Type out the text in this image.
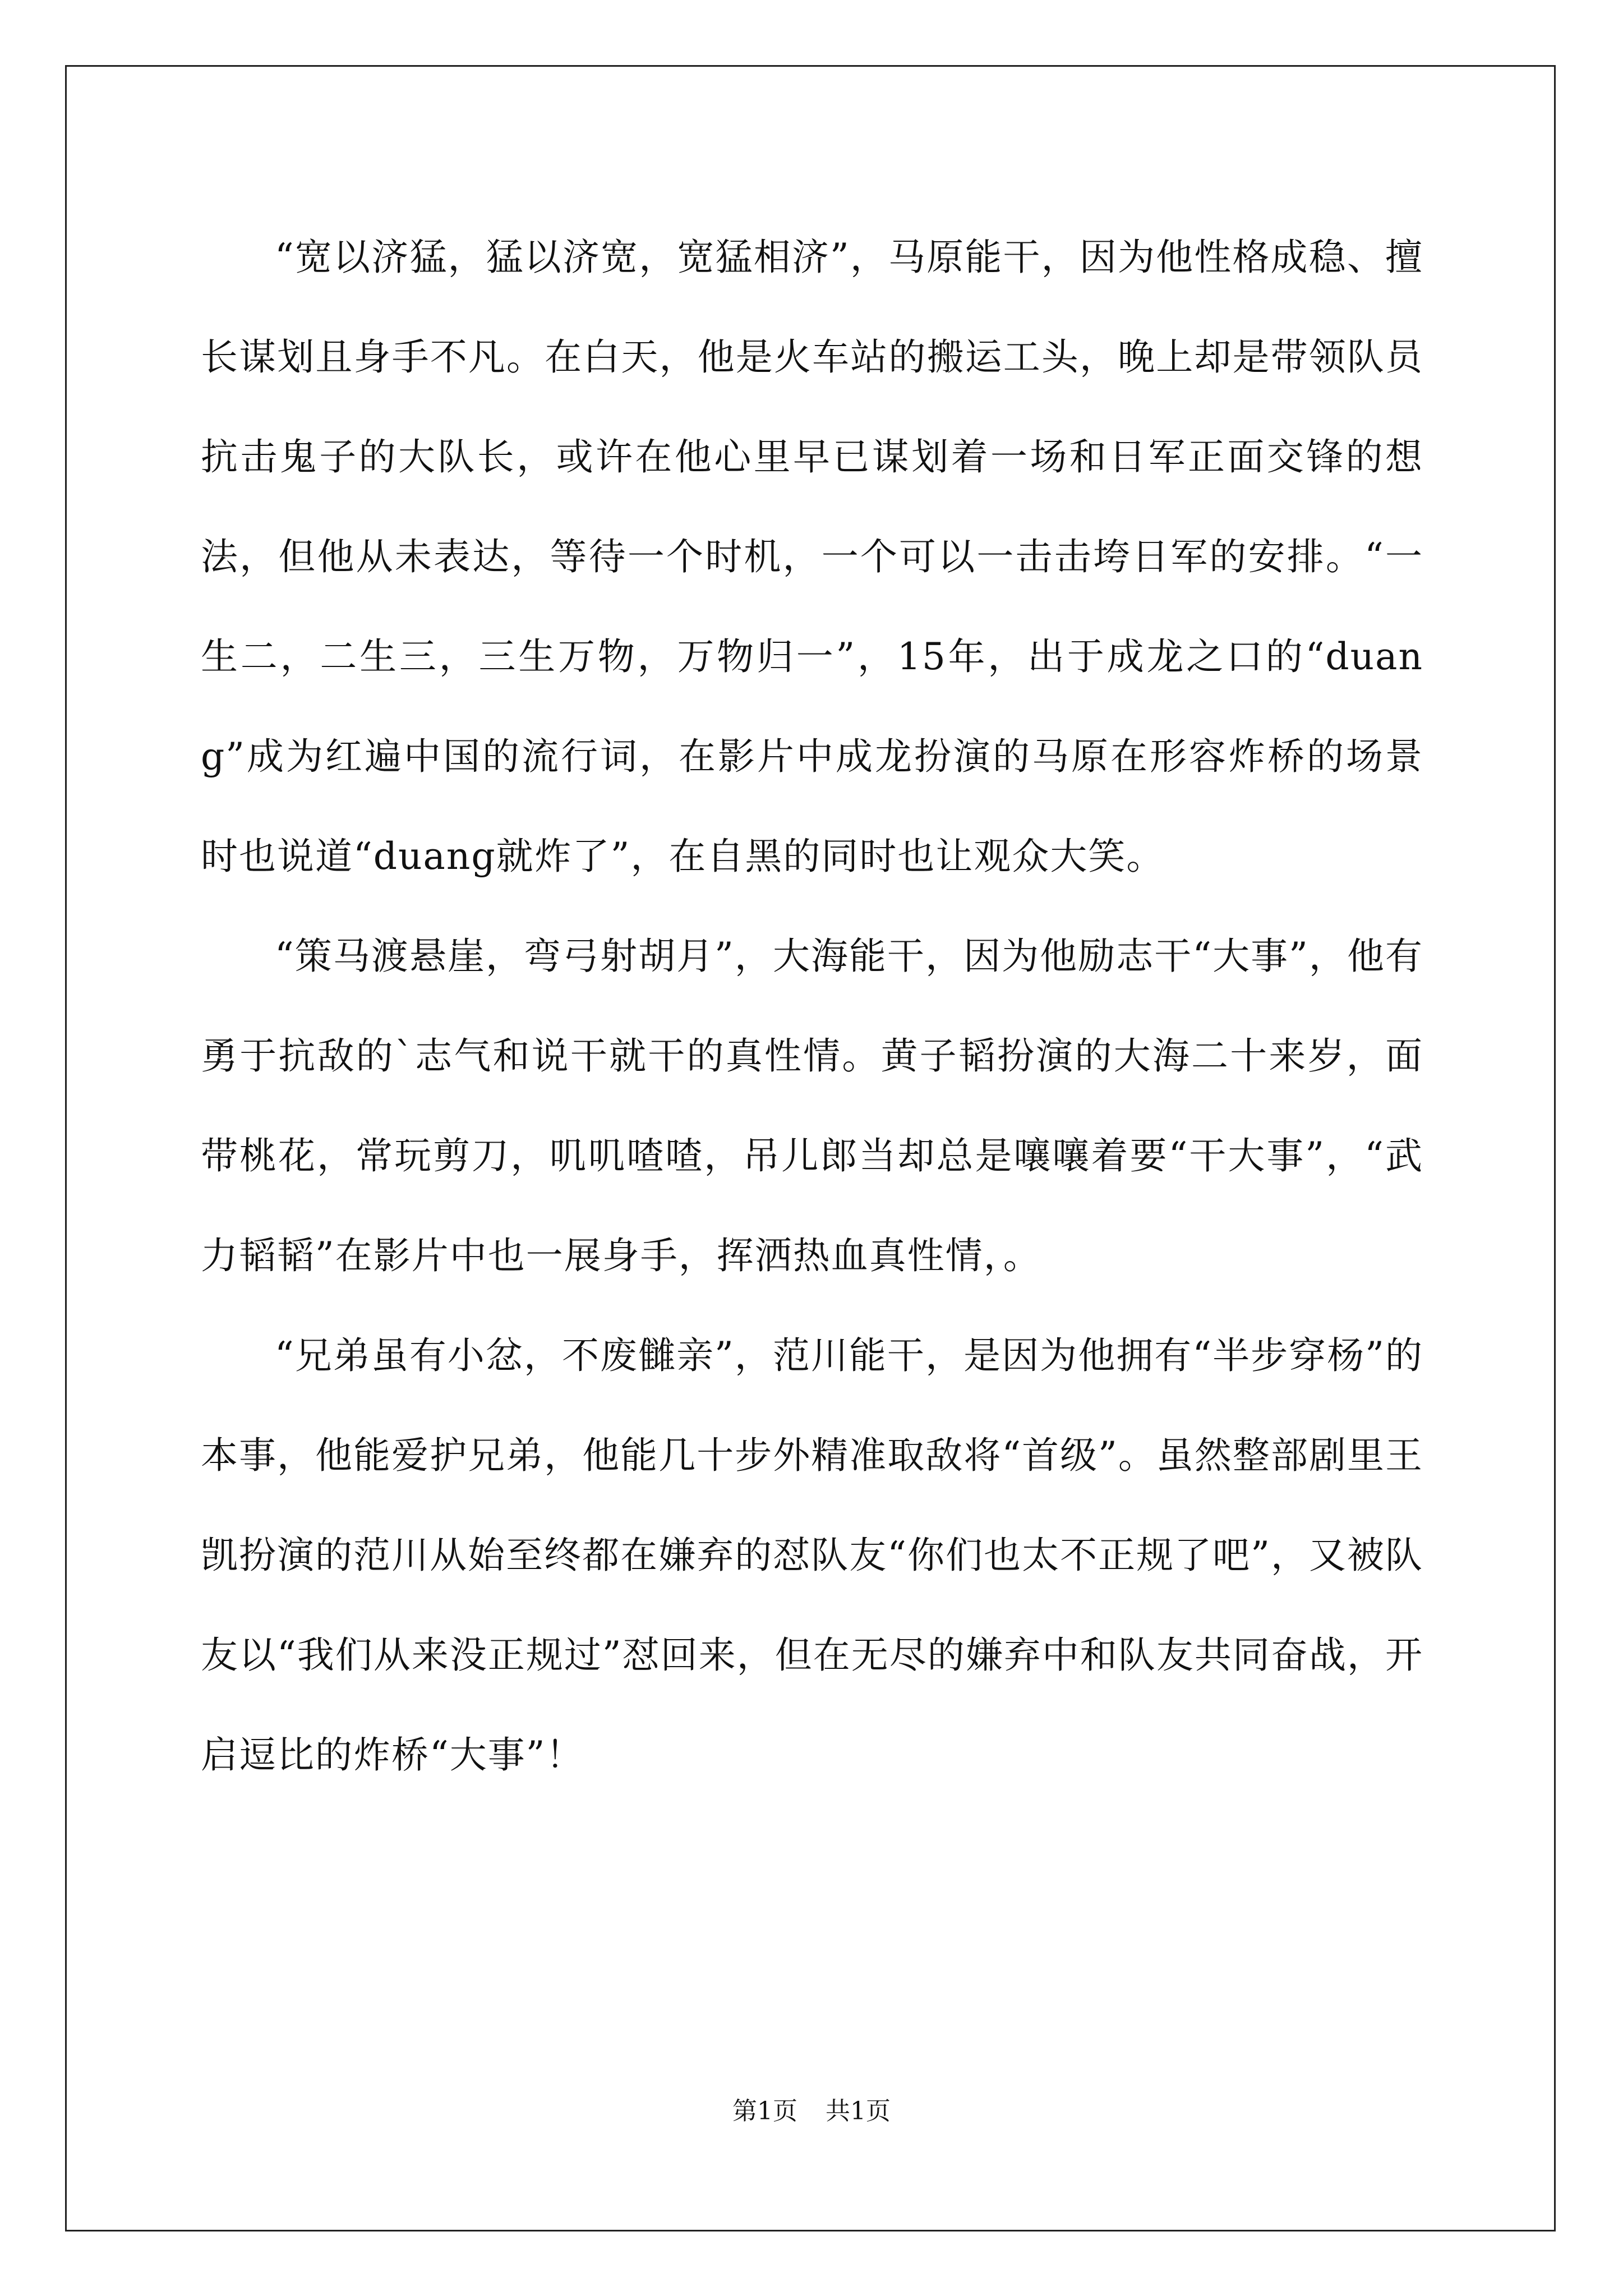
“宽以济猛，猛以济宽，宽猛相济”，马原能干，因为他性格成稳、擅长谋划且身手不凡。在白天，他是火车站的搬运工头，晚上却是带领队员抗击鬼子的大队长，或许在他心里早已谋划着一场和日军正面交锋的想法，但他从未表达，等待一个时机，一个可以一击击垮日军的安排。“一生二，二生三，三生万物，万物归一”，15年，出于成龙之口的“duang”成为红遍中国的流行词，在影片中成龙扮演的马原在形容炸桥的场景时也说道“duang就炸了”，在自黑的同时也让观众大笑。

“策马渡悬崖，弯弓射胡月”，大海能干，因为他励志干“大事”，他有勇于抗敌的`志气和说干就干的真性情。黄子韬扮演的大海二十来岁，面带桃花，常玩剪刀，叽叽喳喳，吊儿郎当却总是嚷嚷着要“干大事”，“武力韬韬”在影片中也一展身手，挥洒热血真性情，。

“兄弟虽有小忿，不废雠亲”，范川能干，是因为他拥有“半步穿杨”的本事，他能爱护兄弟，他能几十步外精准取敌将“首级”。虽然整部剧里王凯扮演的范川从始至终都在嫌弃的怼队友“你们也太不正规了吧”，又被队友以“我们从来没正规过”怼回来，但在无尽的嫌弃中和队友共同奋战，开启逗比的炸桥“大事”！

第1页 共1页
